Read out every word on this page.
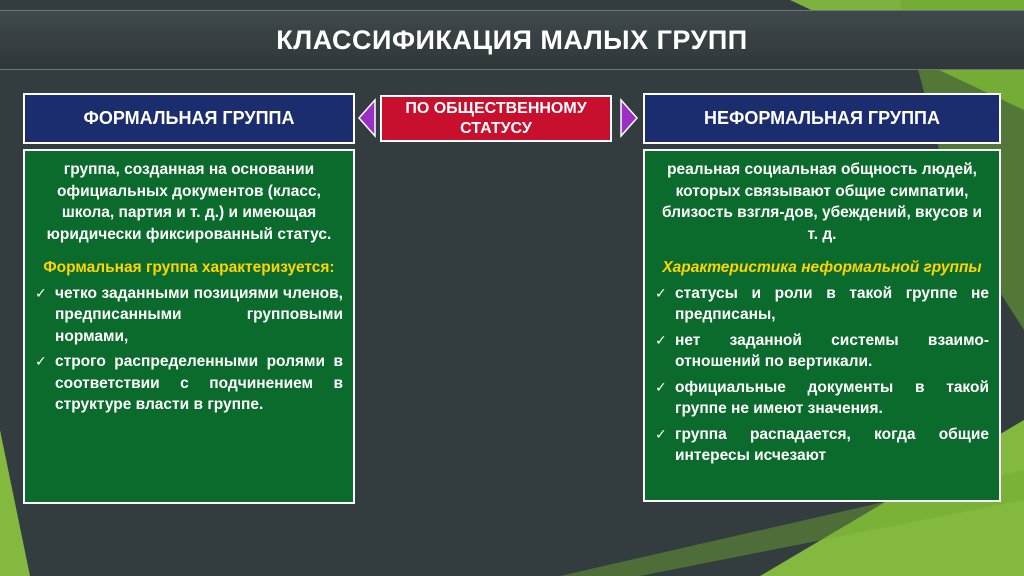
КЛАССИФИКАЦИЯ МАЛЫХ ГРУПП
ФОРМАЛЬНАЯ ГРУППА
группа, созданная на основании официальных документов (класс, школа, партия и т. д.) и имеющая юридически фиксированный статус.
Формальная группа характеризуется:
✓ четко заданными позициями членов, предписанными групповыми нормами,
✓ строго распределенными ролями в соответствии с подчинением в структуре власти в группе.
ПО ОБЩЕСТВЕННОМУ СТАТУСУ	НЕФОРМАЛЬНАЯ ГРУППА
реальная социальная общность людей, которых связывают общие симпатии, близость взгля-дов, убеждений, вкусов и т. д.
Характеристика неформальной группы
✓ статусы и роли в такой группе не предписаны,
✓ нет заданной системы взаимоотношений по вертикали.
✓ официальные документы в такой группе не имеют значения.
✓ группа распадается, когда общие интересы исчезают
